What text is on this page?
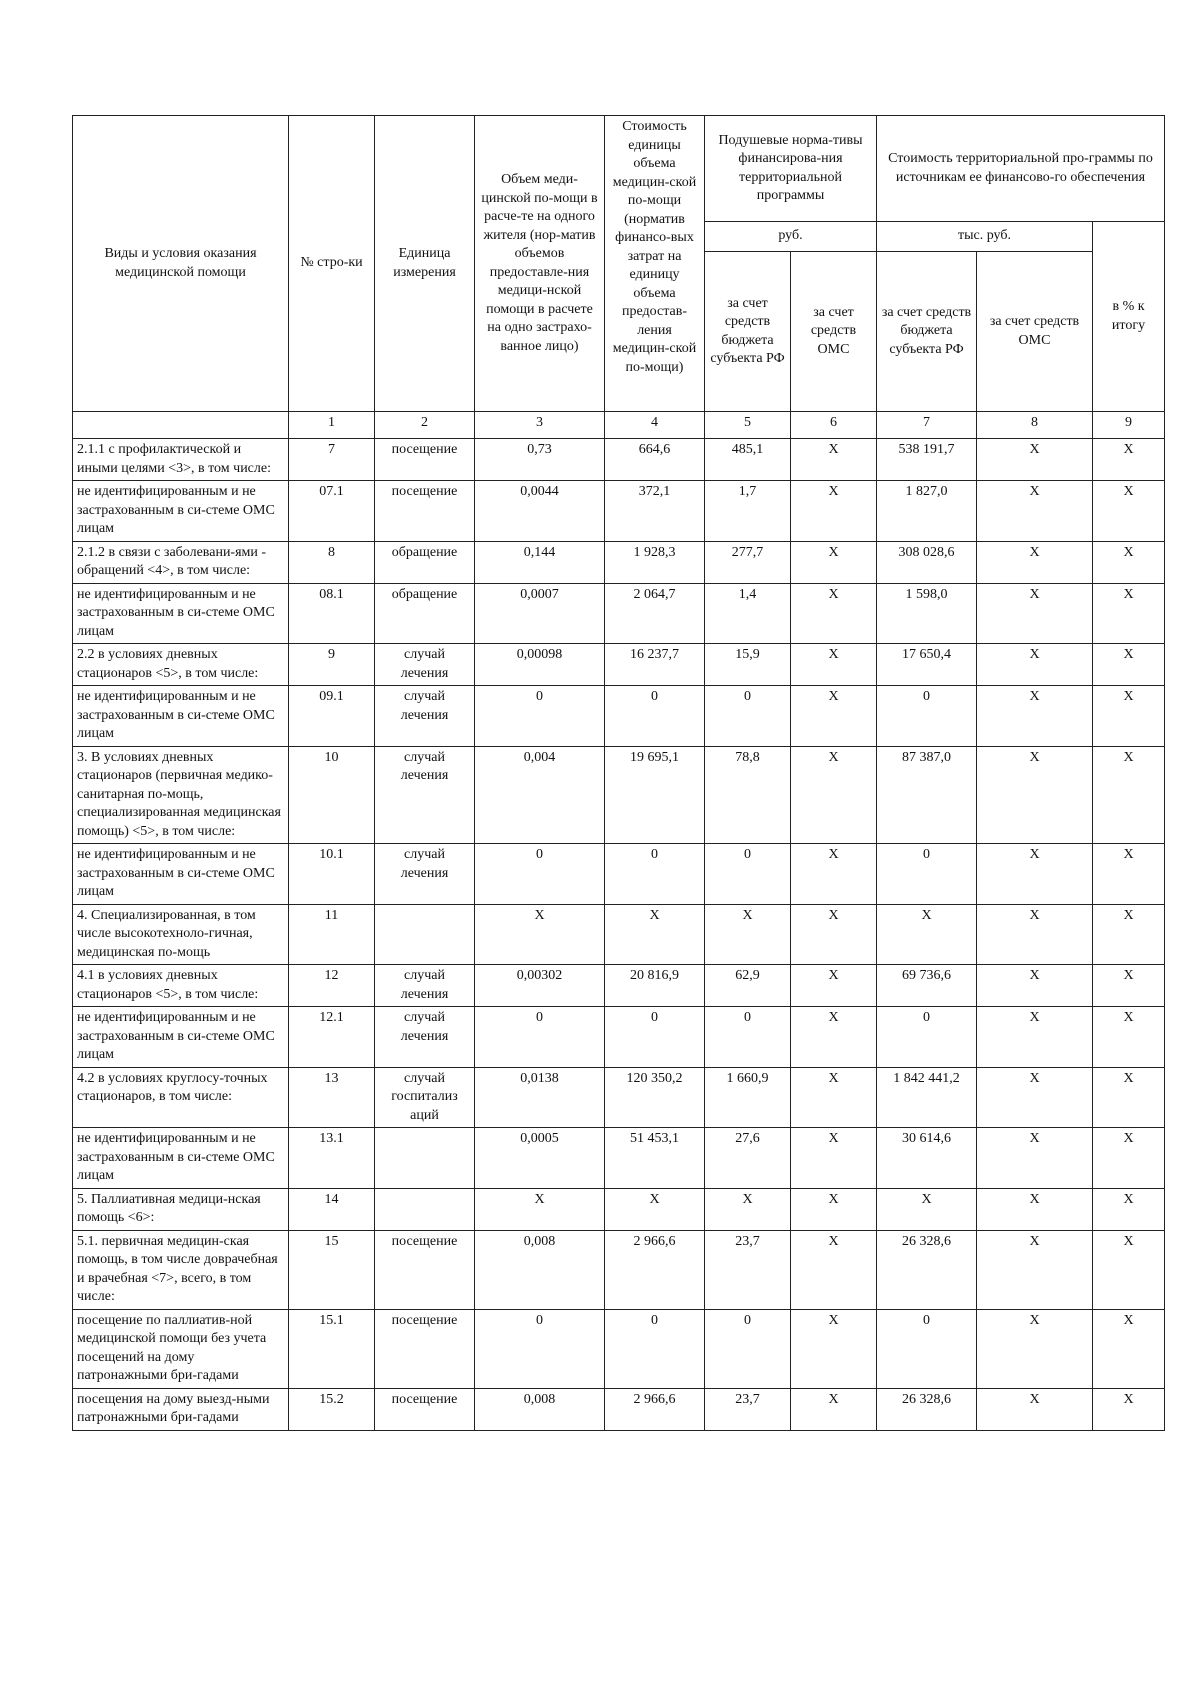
Виды и условия оказания медицинской помощи	№ стро-ки	Единица измерения	Объем меди-цинской по-мощи в расче-те на одного жителя (нор-матив объемов предоставле-ния медици-нской помощи в расчете на одно застрахо-ванное лицо)	Стоимость единицы объема медицин-ской по-мощи (норматив финансо-вых затрат на единицу объема предостав-ления медицин-ской по-мощи)	Подушевые норма-тивы финансирова-ния территориальной программы		Стоимость территориальной про-граммы по источникам ее финансово-го обеспечения		
					руб.		тыс. руб.		в % к итогу
					за счет средств бюджета субъекта РФ	за счет средств ОМС	за счет средств бюджета субъекта РФ	за счет средств ОМС	
	1	2	3	4	5	6	7	8	9
2.1.1 с профилактической и иными целями <3>, в том числе:	7	посещение	0,73	664,6	485,1	X	538 191,7	X	X
не идентифицированным и не застрахованным в си-стеме ОМС лицам	07.1	посещение	0,0044	372,1	1,7	X	1 827,0	X	X
2.1.2 в связи с заболевани-ями - обращений <4>, в том числе:	8	обращение	0,144	1 928,3	277,7	X	308 028,6	X	X
не идентифицированным и не застрахованным в си-стеме ОМС лицам	08.1	обращение	0,0007	2 064,7	1,4	X	1 598,0	X	X
2.2 в условиях дневных стационаров <5>, в том числе:	9	случай лечения	0,00098	16 237,7	15,9	X	17 650,4	X	X
не идентифицированным и не застрахованным в си-стеме ОМС лицам	09.1	случай лечения	0	0	0	X	0	X	X
3. В условиях дневных стационаров (первичная медико-санитарная по-мощь, специализированная медицинская помощь) <5>, в том числе:	10	случай лечения	0,004	19 695,1	78,8	X	87 387,0	X	X
не идентифицированным и не застрахованным в си-стеме ОМС лицам	10.1	случай лечения	0	0	0	X	0	X	X
4. Специализированная, в том числе высокотехноло-гичная, медицинская по-мощь	11		X	X	X	X	X	X	X
4.1 в условиях дневных стационаров <5>, в том числе:	12	случай лечения	0,00302	20 816,9	62,9	X	69 736,6	X	X
не идентифицированным и не застрахованным в си-стеме ОМС лицам	12.1	случай лечения	0	0	0	X	0	X	X
4.2 в условиях круглосу-точных стационаров, в том числе:	13	случай госпитализ аций	0,0138	120 350,2	1 660,9	X	1 842 441,2	X	X
не идентифицированным и не застрахованным в си-стеме ОМС лицам	13.1		0,0005	51 453,1	27,6	X	30 614,6	X	X
5. Паллиативная медици-нская помощь <6>:	14		X	X	X	X	X	X	X
5.1. первичная медицин-ская помощь, в том числе доврачебная и врачебная <7>, всего, в том числе:	15	посещение	0,008	2 966,6	23,7	X	26 328,6	X	X
посещение по паллиатив-ной медицинской помощи без учета посещений на дому патронажными бри-гадами	15.1	посещение	0	0	0	X	0	X	X
посещения на дому выезд-ными патронажными бри-гадами	15.2	посещение	0,008	2 966,6	23,7	X	26 328,6	X	X
